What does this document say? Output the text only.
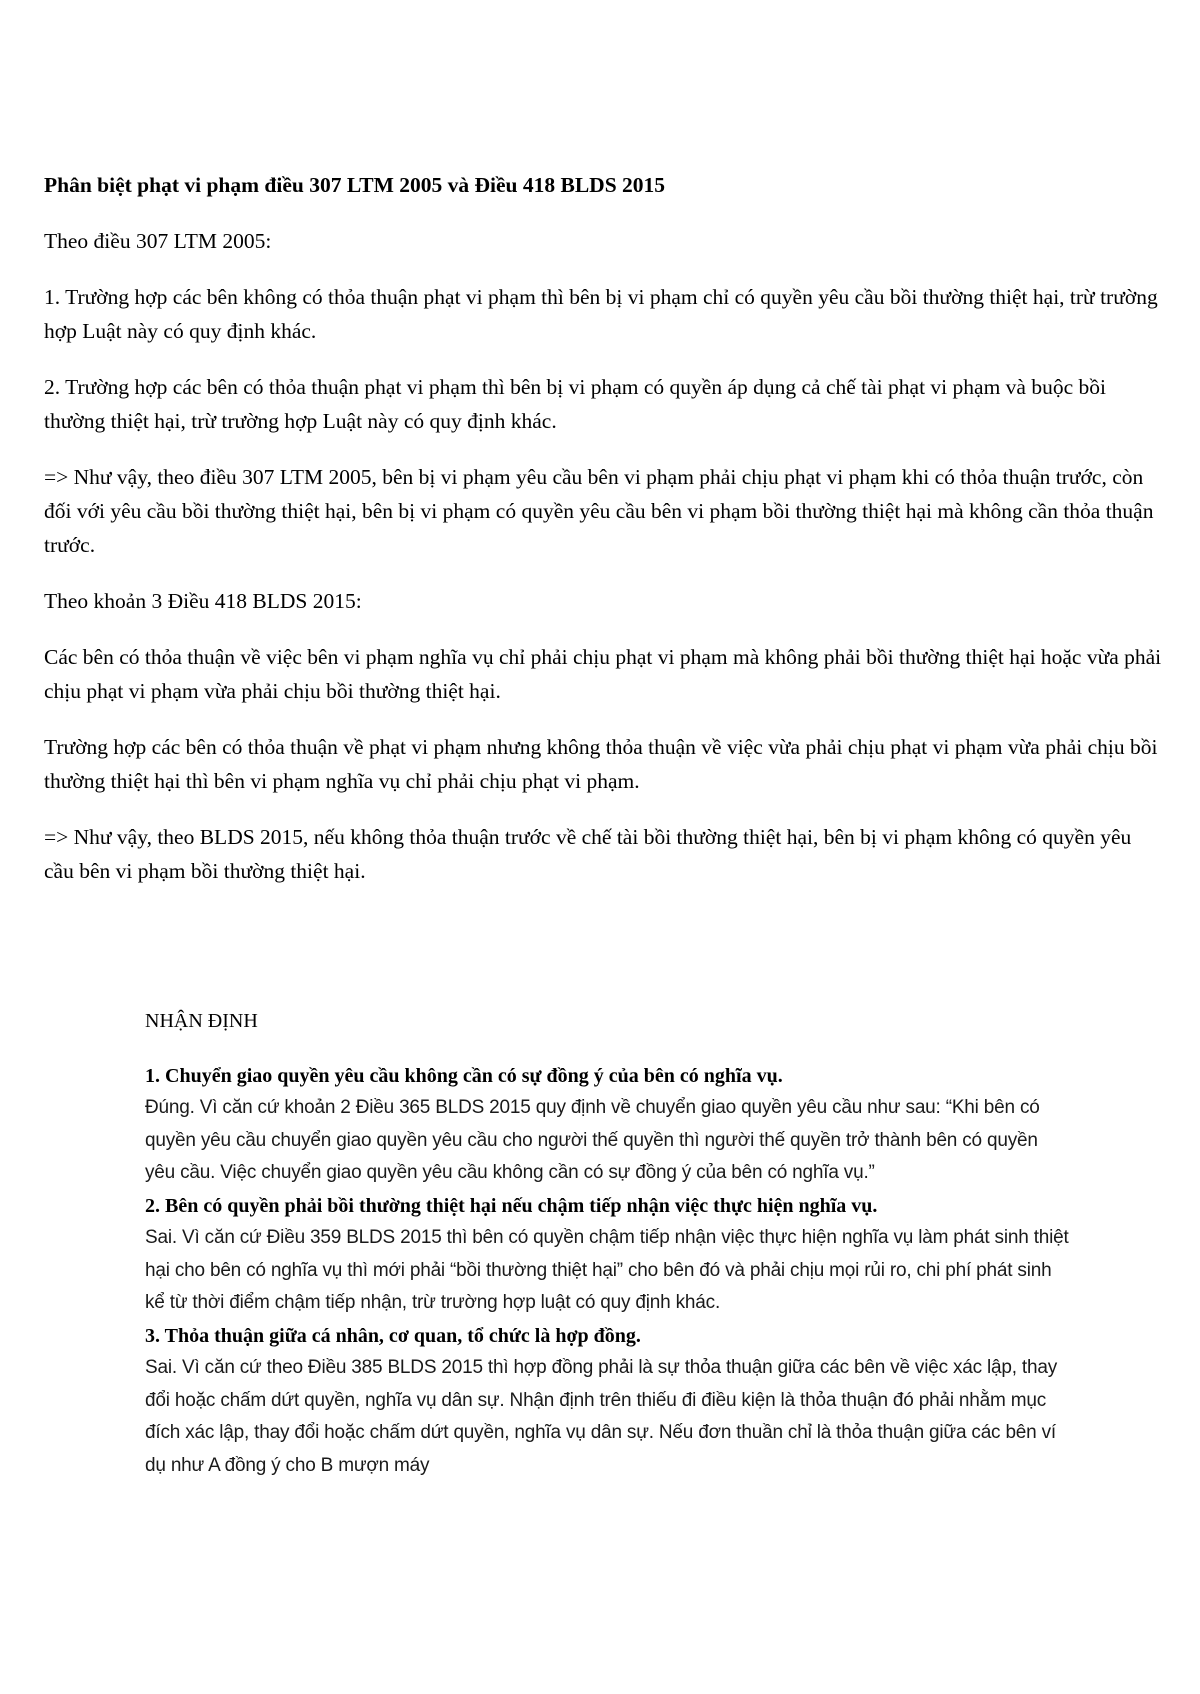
Phân biệt phạt vi phạm điều 307 LTM 2005 và Điều 418 BLDS 2015

Theo điều 307 LTM 2005:

1. Trường hợp các bên không có thỏa thuận phạt vi phạm thì bên bị vi phạm chỉ có quyền yêu cầu bồi thường thiệt hại, trừ trường hợp Luật này có quy định khác.

2. Trường hợp các bên có thỏa thuận phạt vi phạm thì bên bị vi phạm có quyền áp dụng cả chế tài phạt vi phạm và buộc bồi thường thiệt hại, trừ trường hợp Luật này có quy định khác.

=> Như vậy, theo điều 307 LTM 2005, bên bị vi phạm yêu cầu bên vi phạm phải chịu phạt vi phạm khi có thỏa thuận trước, còn đối với yêu cầu bồi thường thiệt hại, bên bị vi phạm có quyền yêu cầu bên vi phạm bồi thường thiệt hại mà không cần thỏa thuận trước.

Theo khoản 3 Điều 418 BLDS 2015:

Các bên có thỏa thuận về việc bên vi phạm nghĩa vụ chỉ phải chịu phạt vi phạm mà không phải bồi thường thiệt hại hoặc vừa phải chịu phạt vi phạm vừa phải chịu bồi thường thiệt hại.

Trường hợp các bên có thỏa thuận về phạt vi phạm nhưng không thỏa thuận về việc vừa phải chịu phạt vi phạm vừa phải chịu bồi thường thiệt hại thì bên vi phạm nghĩa vụ chỉ phải chịu phạt vi phạm.

=> Như vậy, theo BLDS 2015, nếu không thỏa thuận trước về chế tài bồi thường thiệt hại, bên bị vi phạm không có quyền yêu cầu bên vi phạm bồi thường thiệt hại.

NHẬN ĐỊNH

1. Chuyển giao quyền yêu cầu không cần có sự đồng ý của bên có nghĩa vụ.

Đúng. Vì căn cứ khoản 2 Điều 365 BLDS 2015 quy định về chuyển giao quyền yêu cầu như sau: “Khi bên có quyền yêu cầu chuyển giao quyền yêu cầu cho người thế quyền thì người thế quyền trở thành bên có quyền yêu cầu. Việc chuyển giao quyền yêu cầu không cần có sự đồng ý của bên có nghĩa vụ.”

2. Bên có quyền phải bồi thường thiệt hại nếu chậm tiếp nhận việc thực hiện nghĩa vụ.

Sai. Vì căn cứ Điều 359 BLDS 2015 thì bên có quyền chậm tiếp nhận việc thực hiện nghĩa vụ làm phát sinh thiệt hại cho bên có nghĩa vụ thì mới phải “bồi thường thiệt hại” cho bên đó và phải chịu mọi rủi ro, chi phí phát sinh kể từ thời điểm chậm tiếp nhận, trừ trường hợp luật có quy định khác.

3. Thỏa thuận giữa cá nhân, cơ quan, tổ chức là hợp đồng.

Sai. Vì căn cứ theo Điều 385 BLDS 2015 thì hợp đồng phải là sự thỏa thuận giữa các bên về việc xác lập, thay đổi hoặc chấm dứt quyền, nghĩa vụ dân sự. Nhận định trên thiếu đi điều kiện là thỏa thuận đó phải nhằm mục đích xác lập, thay đổi hoặc chấm dứt quyền, nghĩa vụ dân sự. Nếu đơn thuần chỉ là thỏa thuận giữa các bên ví dụ như A đồng ý cho B mượn máy
